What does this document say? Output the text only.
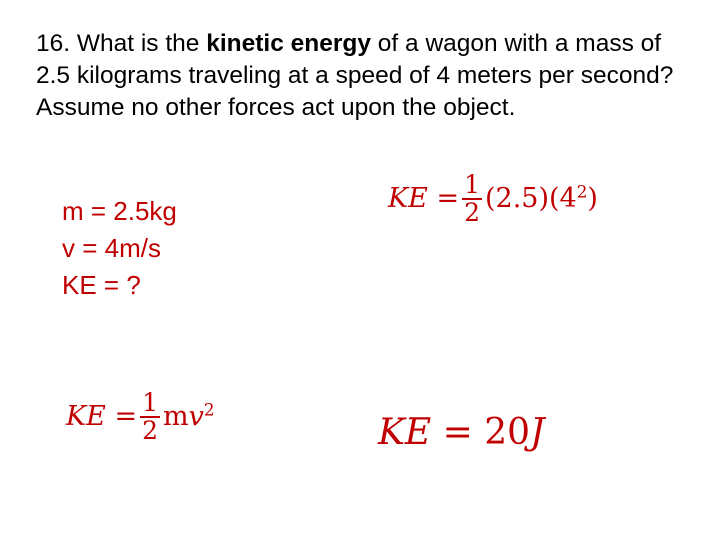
16. What is the kinetic energy of a wagon with a mass of 2.5 kilograms traveling at a speed of 4 meters per second? Assume no other forces act upon the object.
m = 2.5kg
v = 4m/s
KE = ?
KE = $\frac{1}{2} (2.5)(4^2)$
KE = $\frac{1}{2} mv^2$
KE = 20J
